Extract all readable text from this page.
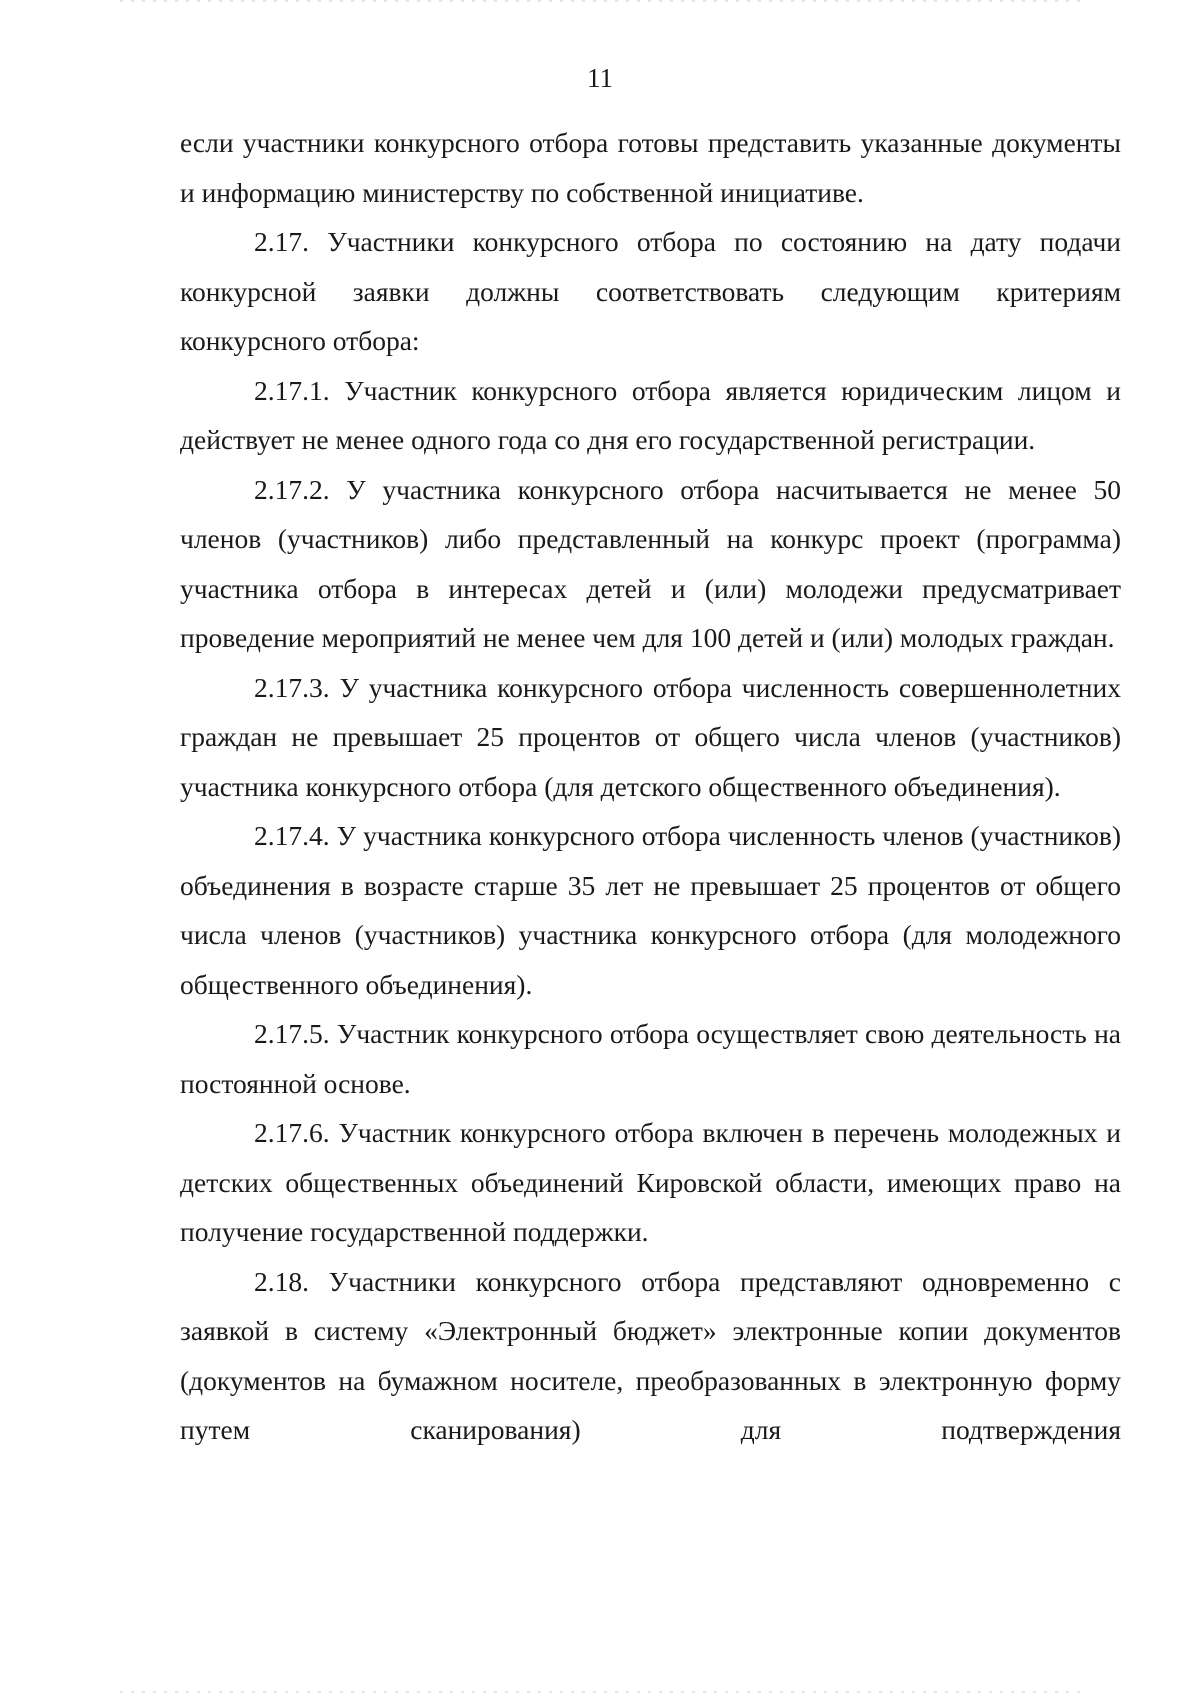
11

если участники конкурсного отбора готовы представить указанные документы и информацию министерству по собственной инициативе.

2.17. Участники конкурсного отбора по состоянию на дату подачи конкурсной заявки должны соответствовать следующим критериям конкурсного отбора:

2.17.1. Участник конкурсного отбора является юридическим лицом и действует не менее одного года со дня его государственной регистрации.

2.17.2. У участника конкурсного отбора насчитывается не менее 50 членов (участников) либо представленный на конкурс проект (программа) участника отбора в интересах детей и (или) молодежи предусматривает проведение мероприятий не менее чем для 100 детей и (или) молодых граждан.

2.17.3. У участника конкурсного отбора численность совершеннолетних граждан не превышает 25 процентов от общего числа членов (участников) участника конкурсного отбора (для детского общественного объединения).

2.17.4. У участника конкурсного отбора численность членов (участников) объединения в возрасте старше 35 лет не превышает 25 процентов от общего числа членов (участников) участника конкурсного отбора (для молодежного общественного объединения).

2.17.5. Участник конкурсного отбора осуществляет свою деятельность на постоянной основе.

2.17.6. Участник конкурсного отбора включен в перечень молодежных и детских общественных объединений Кировской области, имеющих право на получение государственной поддержки.

2.18. Участники конкурсного отбора представляют одновременно с заявкой в систему «Электронный бюджет» электронные копии документов (документов на бумажном носителе, преобразованных в электронную форму путем сканирования) для подтверждения
